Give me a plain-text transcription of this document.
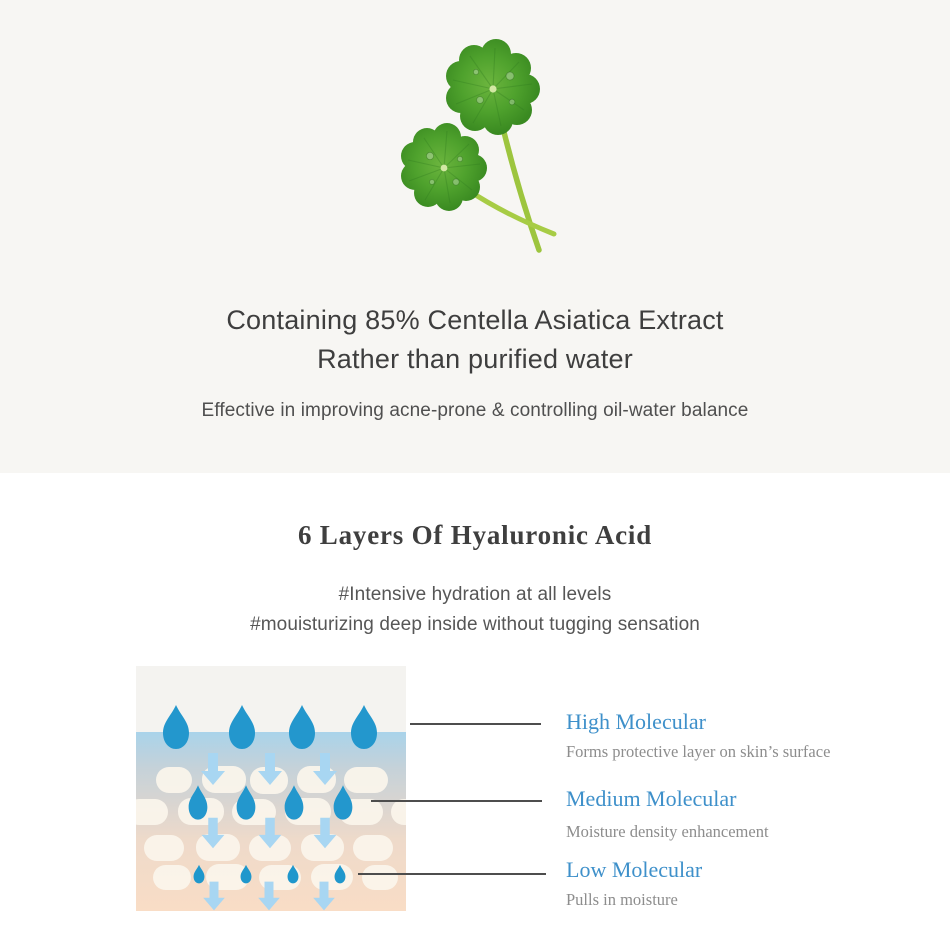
Containing 85% Centella Asiatica Extract
Rather than purified water

Effective in improving acne-prone & controlling oil-water balance

6 Layers Of Hyaluronic Acid

#Intensive hydration at all levels
#mouisturizing deep inside without tugging sensation

High Molecular
Forms protective layer on skin’s surface
Medium Molecular
Moisture density enhancement
Low Molecular
Pulls in moisture
